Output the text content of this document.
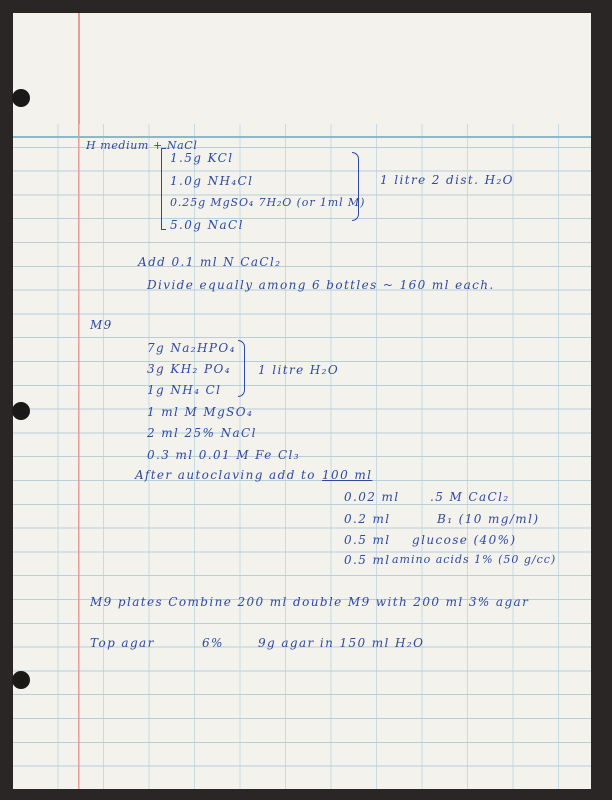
H medium + NaCl
1.5g KCl
1.0g NH₄Cl
0.25g MgSO₄ 7H₂O (or 1ml M)
5.0g NaCl
1 litre 2 dist. H₂O
Add 0.1 ml N CaCl₂
Divide equally among 6 bottles ~ 160 ml each.
M9
7g Na₂HPO₄
3g KH₂ PO₄
1g NH₄ Cl
1 litre H₂O
1 ml M MgSO₄
2 ml 25% NaCl
0.3 ml 0.01 M Fe Cl₃
After autoclaving add to 100 ml
0.02 ml	.5 M CaCl₂
0.2 ml	B₁ (10 mg/ml)
0.5 ml glucose (40%)
0.5 ml amino acids 1% (50 g/cc)
M9 plates Combine 200 ml double M9 with 200 ml 3% agar
Top agar	6%	9g agar in 150 ml H₂O
